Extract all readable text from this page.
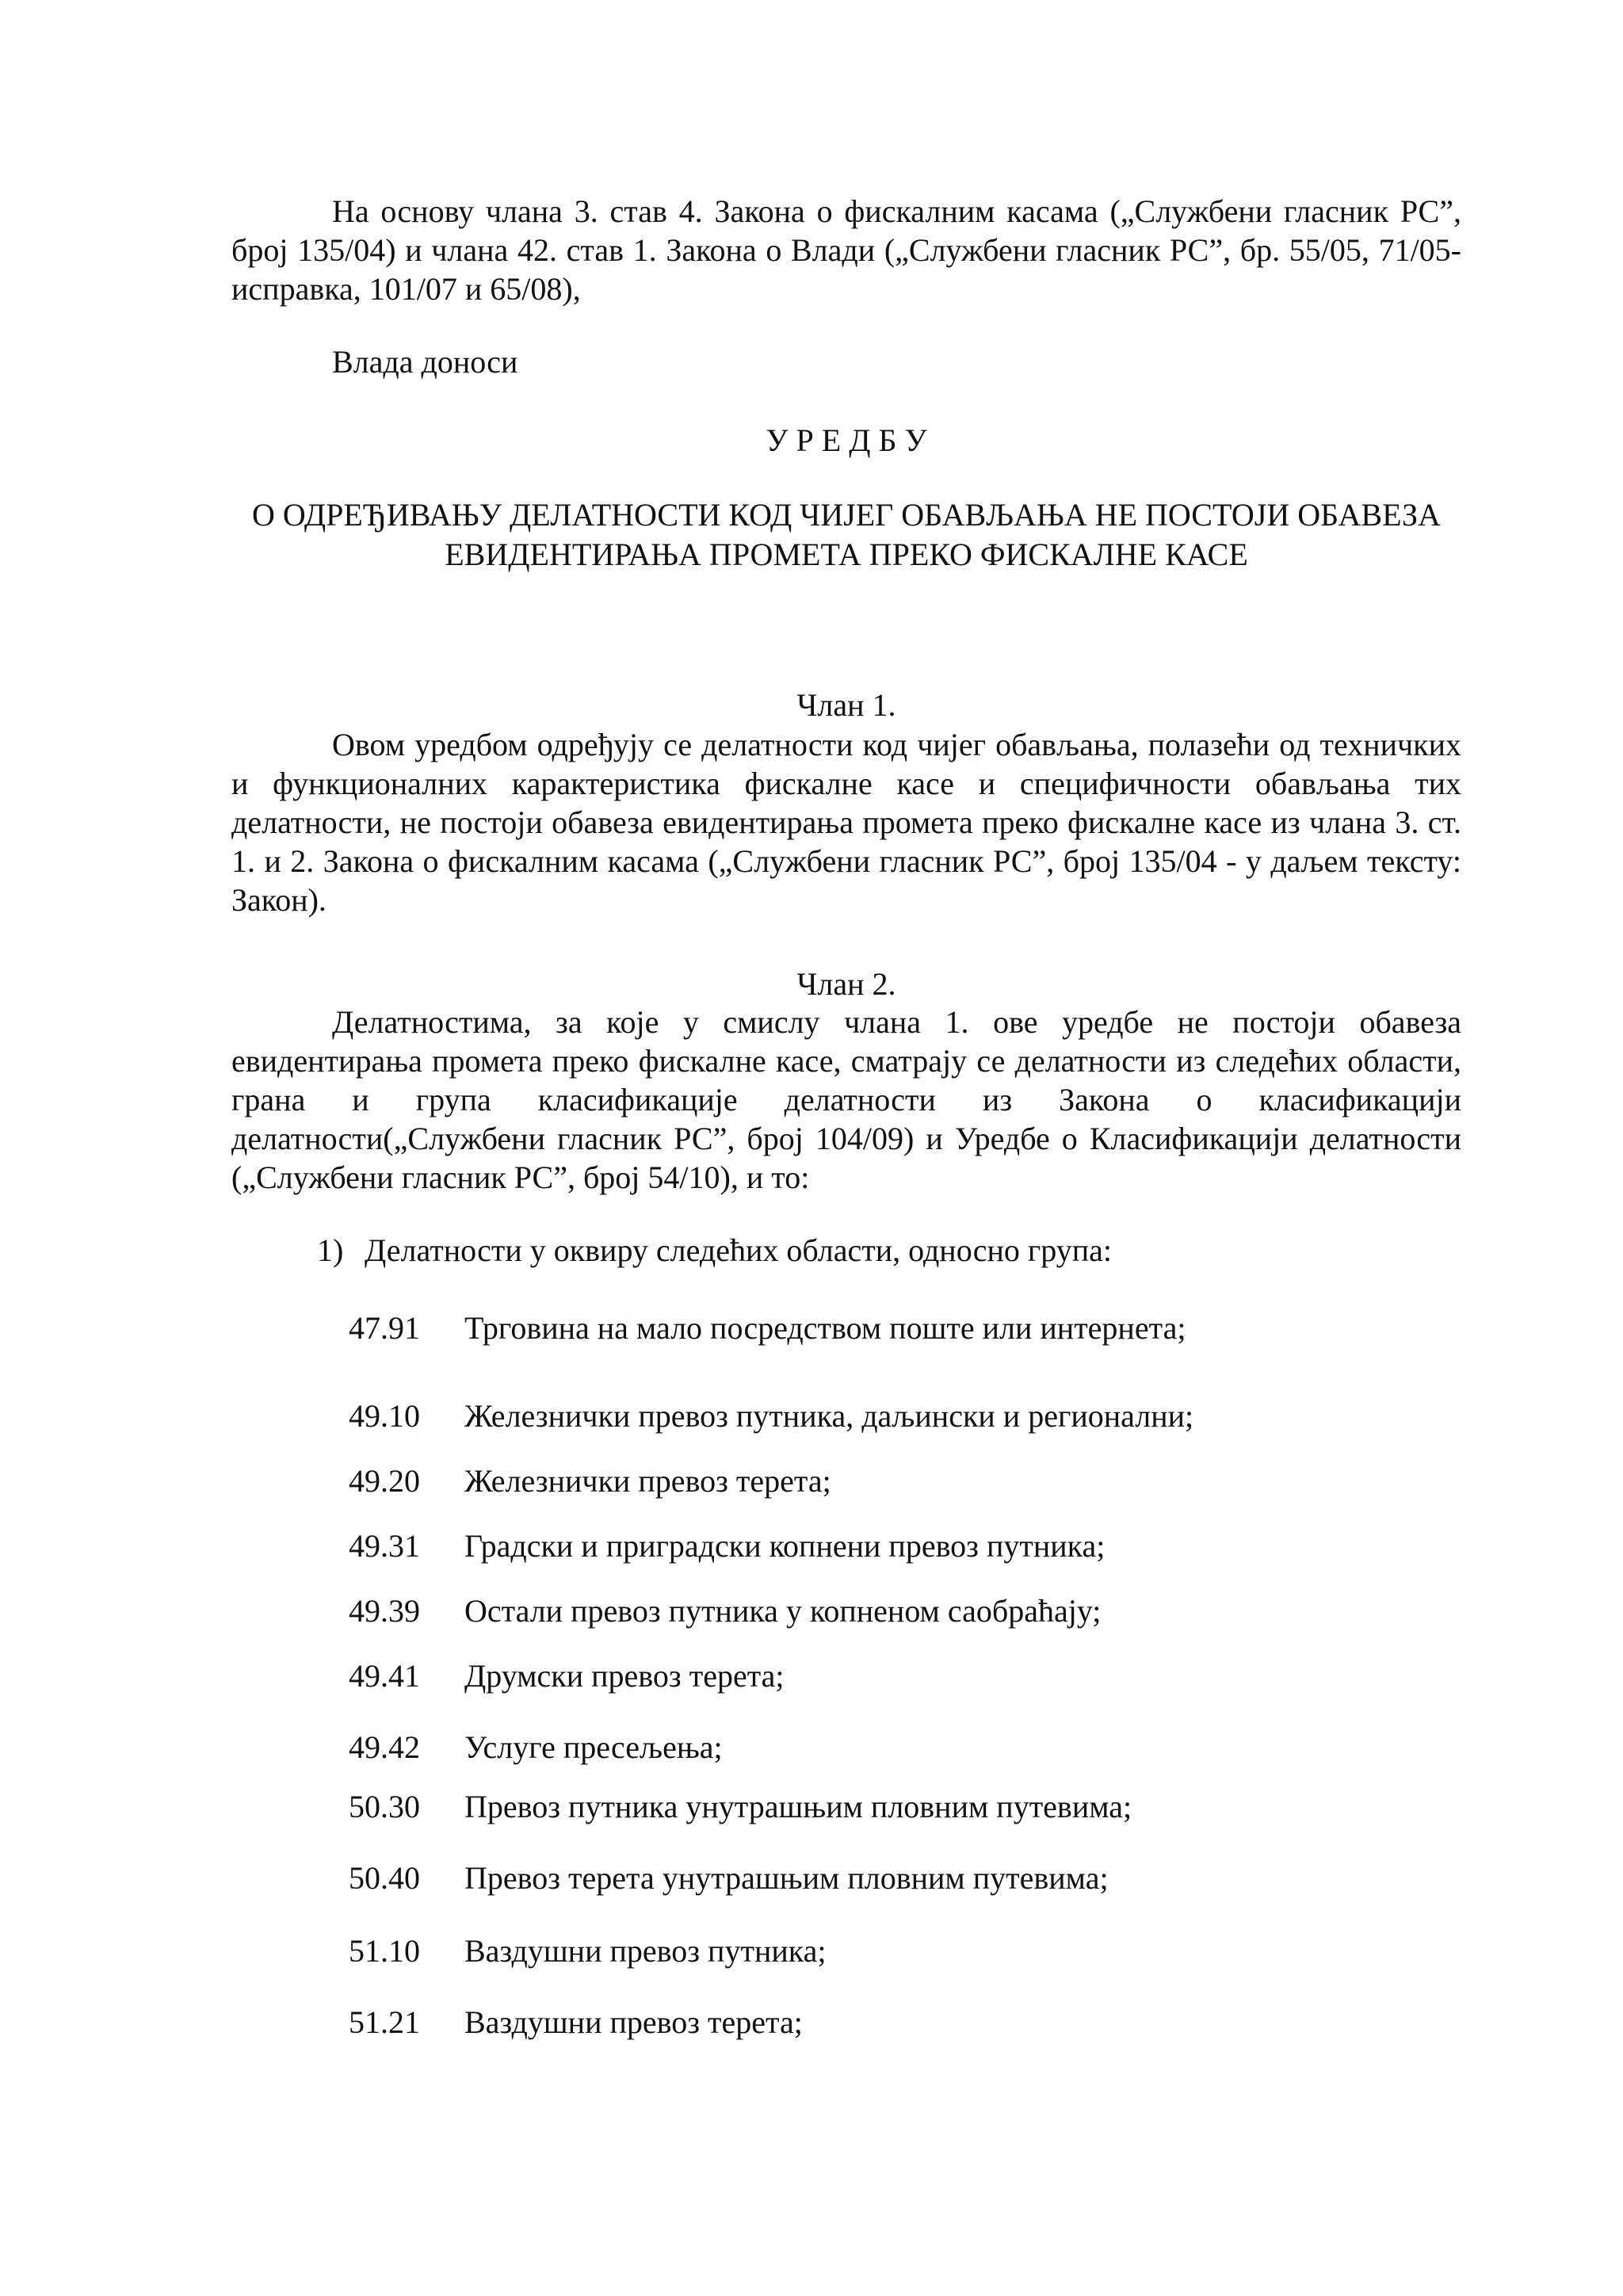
На основу члана 3. став 4. Закона о фискалним касама („Службени гласник РС”, број 135/04) и члана 42. став 1. Закона о Влади („Службени гласник РС”, бр. 55/05, 71/05-исправка, 101/07 и 65/08),

Влада доноси

У Р Е Д Б У

О ОДРЕЂИВАЊУ ДЕЛАТНОСТИ КОД ЧИЈЕГ ОБАВЉАЊА НЕ ПОСТОЈИ ОБАВЕЗА
ЕВИДЕНТИРАЊА ПРОМЕТА ПРЕКО ФИСКАЛНЕ КАСЕ

Члан 1.

Овом уредбом одређују се делатности код чијег обављања, полазећи од техничких и функционалних карактеристика фискалне касе и специфичности обављања тих делатности, не постоји обавеза евидентирања промета преко фискалне касе из члана 3. ст. 1. и 2. Закона о фискалним касама („Службени гласник РС”, број 135/04 - у даљем тексту: Закон).

Члан 2.

Делатностима, за које у смислу члана 1. ове уредбе не постоји обавеза евидентирања промета преко фискалне касе, сматрају се делатности из следећих области, грана и група класификације делатности из Закона о класификацији делатности(„Службени гласник РС”, број 104/09) и Уредбе о Класификацији делатности („Службени гласник РС”, број 54/10), и то:

1) Делатности у оквиру следећих области, односно група:
47.91 Трговина на мало посредством поште или интернета;
49.10 Железнички превоз путника, даљински и регионални;
49.20 Железнички превоз терета;
49.31 Градски и приградски копнени превоз путника;
49.39 Остали превоз путника у копненом саобраћају;
49.41 Друмски превоз терета;
49.42 Услуге пресељења;
50.30 Превоз путника унутрашњим пловним путевима;
50.40 Превоз терета унутрашњим пловним путевима;
51.10 Ваздушни превоз путника;
51.21 Ваздушни превоз терета;
